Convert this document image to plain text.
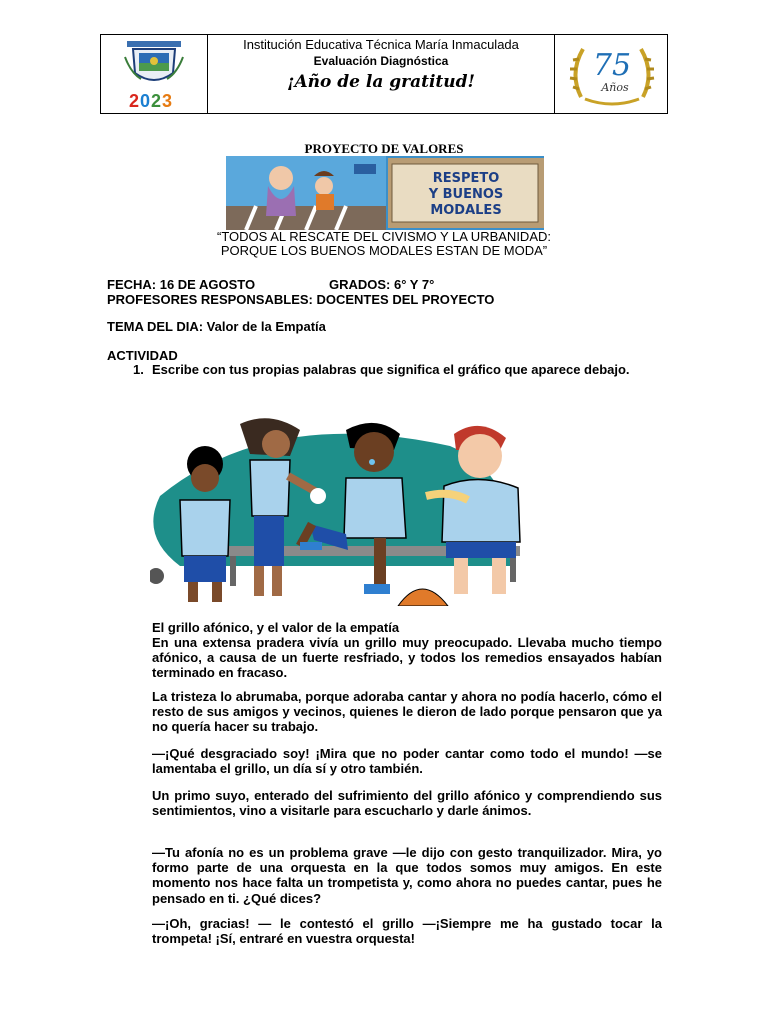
2023
Institución Educativa Técnica María Inmaculada
Evaluación Diagnóstica
¡Año de la gratitud!	75
Años
PROYECTO DE VALORES
RESPETO
Y BUENOS
MODALES
“TODOS AL RESCATE DEL CIVISMO Y LA URBANIDAD:
PORQUE LOS BUENOS MODALES ESTAN DE MODA”
FECHA: 16 DE AGOSTO	GRADOS: 6° Y 7°
PROFESORES RESPONSABLES: DOCENTES DEL PROYECTO
TEMA DEL DIA: Valor de la Empatía
ACTIVIDAD
1. Escribe con tus propias palabras que significa el gráfico que aparece debajo.
El grillo afónico, y el valor de la empatía

En una extensa pradera vivía un grillo muy preocupado. Llevaba mucho tiempo afónico, a causa de un fuerte resfriado, y todos los remedios ensayados habían terminado en fracaso.

La tristeza lo abrumaba, porque adoraba cantar y ahora no podía hacerlo, cómo el resto de sus amigos y vecinos, quienes le dieron de lado porque pensaron que ya no quería hacer su trabajo.

—¡Qué desgraciado soy! ¡Mira que no poder cantar como todo el mundo! —se lamentaba el grillo, un día sí y otro también.

Un primo suyo, enterado del sufrimiento del grillo afónico y comprendiendo sus sentimientos, vino a visitarle para escucharlo y darle ánimos.

—Tu afonía no es un problema grave —le dijo con gesto tranquilizador. Mira, yo formo parte de una orquesta en la que todos somos muy amigos. En este momento nos hace falta un trompetista y, como ahora no puedes cantar, pues he pensado en ti. ¿Qué dices?

—¡Oh, gracias! — le contestó el grillo —¡Siempre me ha gustado tocar la trompeta! ¡Sí, entraré en vuestra orquesta!
